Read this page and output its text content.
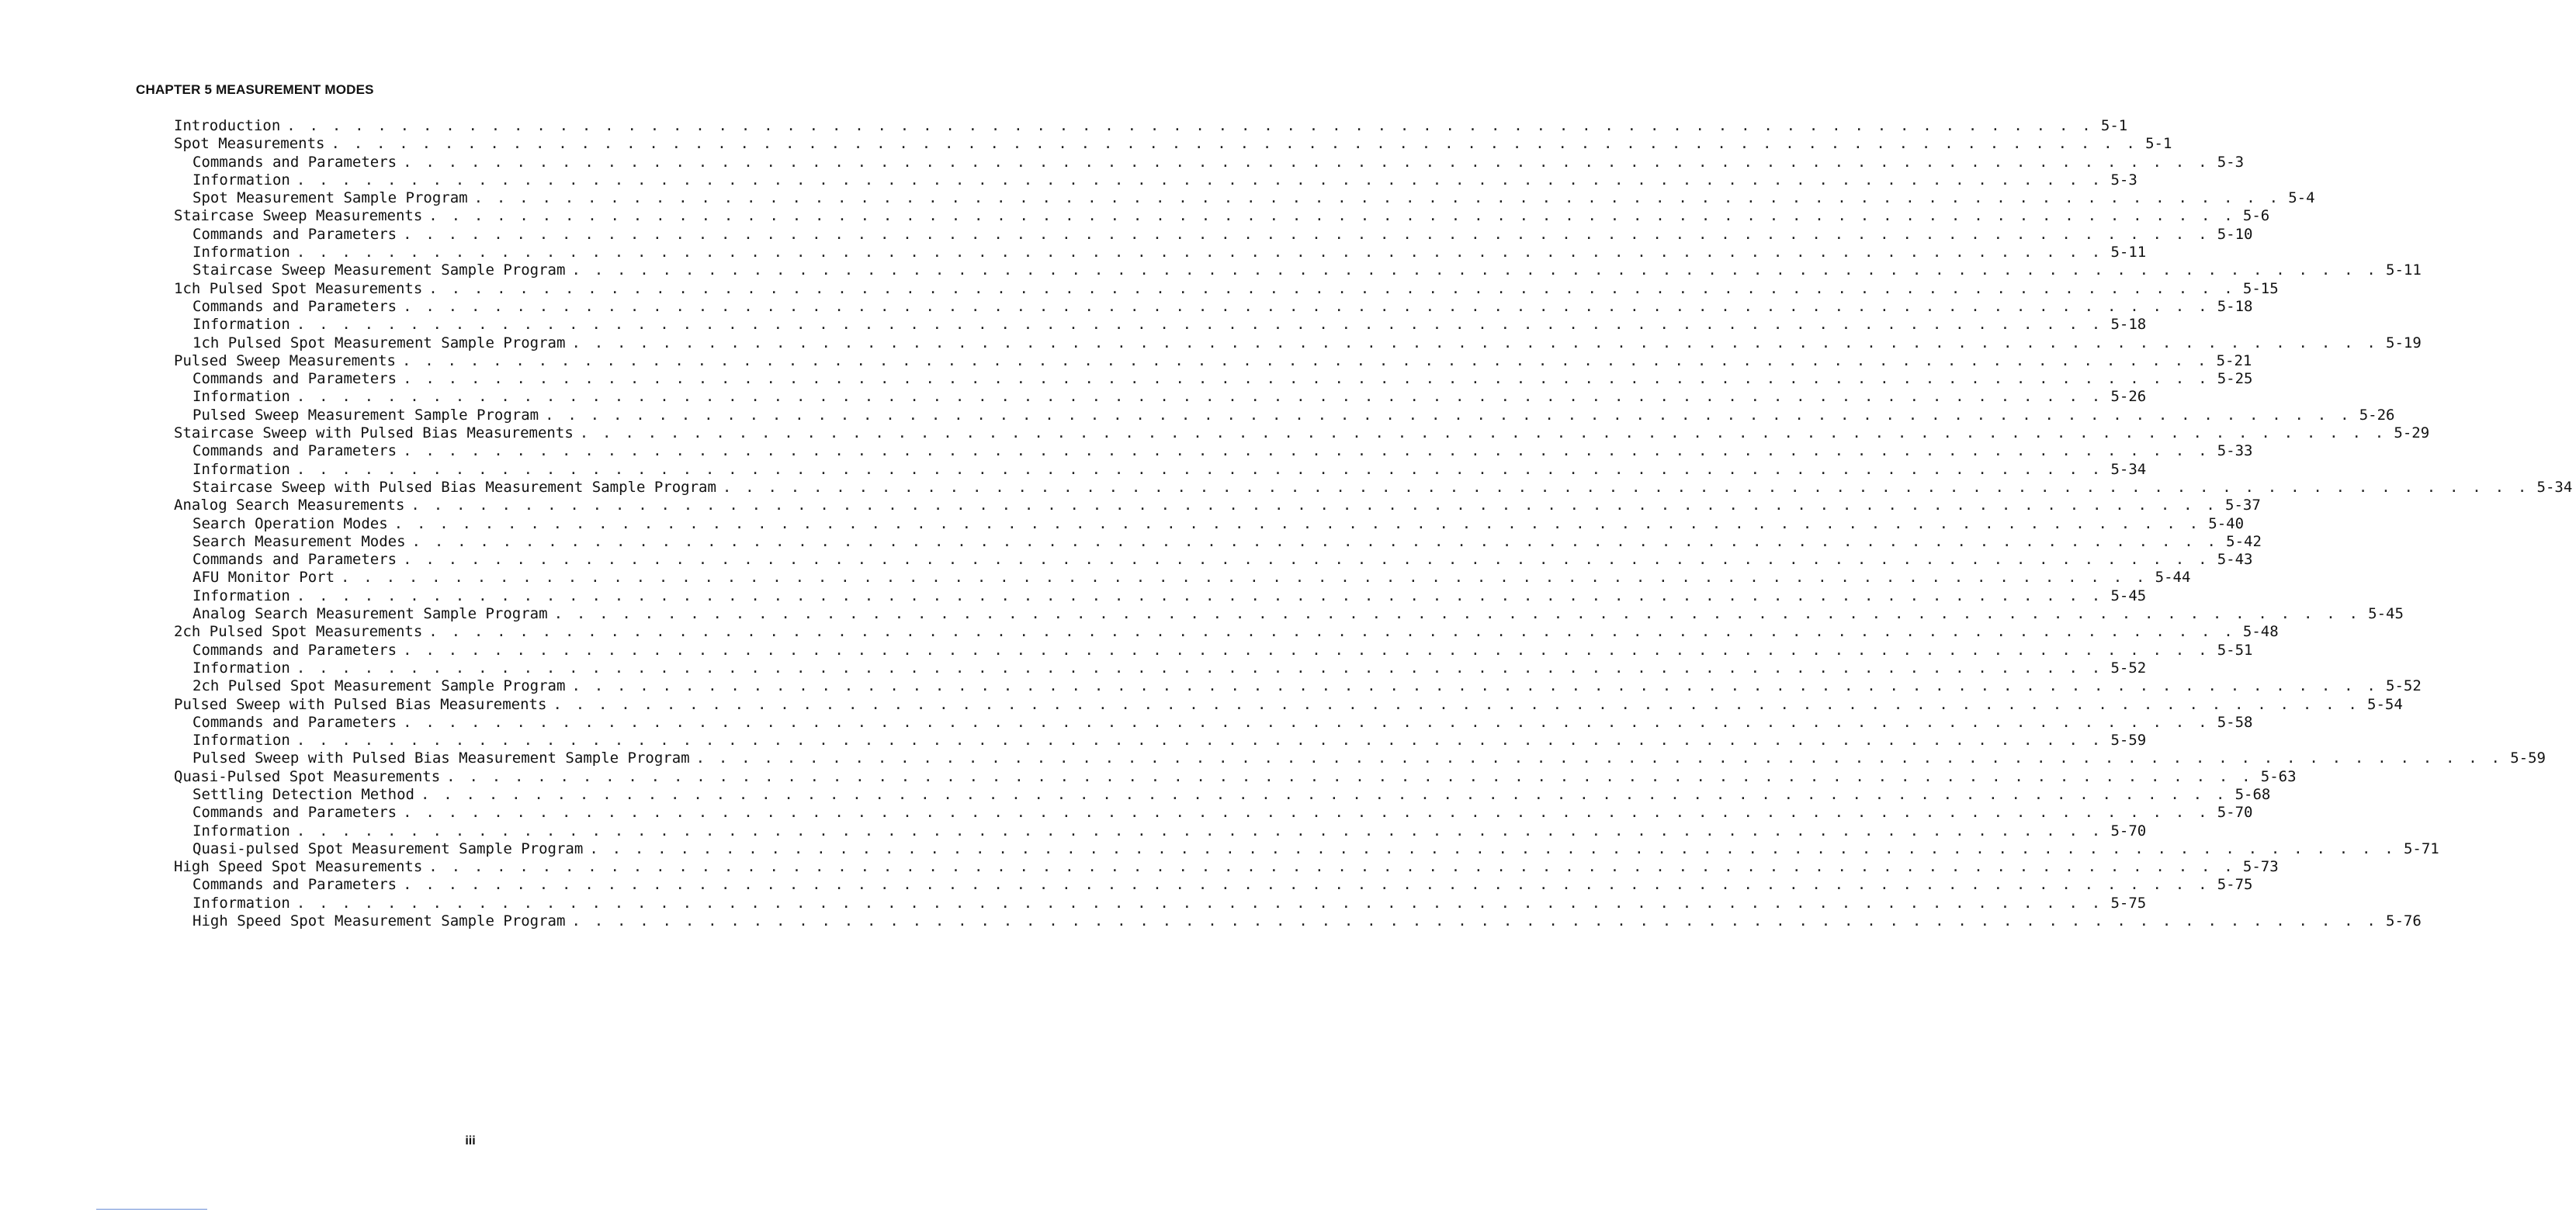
CHAPTER 5 MEASUREMENT MODES
Introduction . . . . . . . . . . . . . . . . . . . . . . . . . . . . . . . . . . . . . . . . . . . . . . . . . . . . . . . . . . . . . . . . . . . . . . . . . . . . . . . . 5-1
Spot Measurements . . . . . . . . . . . . . . . . . . . . . . . . . . . . . . . . . . . . . . . . . . . . . . . . . . . . . . . . . . . . . . . . . . . . . . . . . . . . . . . . 5-1
Commands and Parameters . . . . . . . . . . . . . . . . . . . . . . . . . . . . . . . . . . . . . . . . . . . . . . . . . . . . . . . . . . . . . . . . . . . . . . . . . . . . . . . . 5-3
Information . . . . . . . . . . . . . . . . . . . . . . . . . . . . . . . . . . . . . . . . . . . . . . . . . . . . . . . . . . . . . . . . . . . . . . . . . . . . . . . . 5-3
Spot Measurement Sample Program . . . . . . . . . . . . . . . . . . . . . . . . . . . . . . . . . . . . . . . . . . . . . . . . . . . . . . . . . . . . . . . . . . . . . . . . . . . . . . . . 5-4
Staircase Sweep Measurements . . . . . . . . . . . . . . . . . . . . . . . . . . . . . . . . . . . . . . . . . . . . . . . . . . . . . . . . . . . . . . . . . . . . . . . . . . . . . . . . 5-6
Commands and Parameters . . . . . . . . . . . . . . . . . . . . . . . . . . . . . . . . . . . . . . . . . . . . . . . . . . . . . . . . . . . . . . . . . . . . . . . . . . . . . . . . 5-10
Information . . . . . . . . . . . . . . . . . . . . . . . . . . . . . . . . . . . . . . . . . . . . . . . . . . . . . . . . . . . . . . . . . . . . . . . . . . . . . . . . 5-11
Staircase Sweep Measurement Sample Program . . . . . . . . . . . . . . . . . . . . . . . . . . . . . . . . . . . . . . . . . . . . . . . . . . . . . . . . . . . . . . . . . . . . . . . . . . . . . . . . 5-11
1ch Pulsed Spot Measurements . . . . . . . . . . . . . . . . . . . . . . . . . . . . . . . . . . . . . . . . . . . . . . . . . . . . . . . . . . . . . . . . . . . . . . . . . . . . . . . . 5-15
Commands and Parameters . . . . . . . . . . . . . . . . . . . . . . . . . . . . . . . . . . . . . . . . . . . . . . . . . . . . . . . . . . . . . . . . . . . . . . . . . . . . . . . . 5-18
Information . . . . . . . . . . . . . . . . . . . . . . . . . . . . . . . . . . . . . . . . . . . . . . . . . . . . . . . . . . . . . . . . . . . . . . . . . . . . . . . . 5-18
1ch Pulsed Spot Measurement Sample Program . . . . . . . . . . . . . . . . . . . . . . . . . . . . . . . . . . . . . . . . . . . . . . . . . . . . . . . . . . . . . . . . . . . . . . . . . . . . . . . . 5-19
Pulsed Sweep Measurements . . . . . . . . . . . . . . . . . . . . . . . . . . . . . . . . . . . . . . . . . . . . . . . . . . . . . . . . . . . . . . . . . . . . . . . . . . . . . . . . 5-21
Commands and Parameters . . . . . . . . . . . . . . . . . . . . . . . . . . . . . . . . . . . . . . . . . . . . . . . . . . . . . . . . . . . . . . . . . . . . . . . . . . . . . . . . 5-25
Information . . . . . . . . . . . . . . . . . . . . . . . . . . . . . . . . . . . . . . . . . . . . . . . . . . . . . . . . . . . . . . . . . . . . . . . . . . . . . . . . 5-26
Pulsed Sweep Measurement Sample Program . . . . . . . . . . . . . . . . . . . . . . . . . . . . . . . . . . . . . . . . . . . . . . . . . . . . . . . . . . . . . . . . . . . . . . . . . . . . . . . . 5-26
Staircase Sweep with Pulsed Bias Measurements . . . . . . . . . . . . . . . . . . . . . . . . . . . . . . . . . . . . . . . . . . . . . . . . . . . . . . . . . . . . . . . . . . . . . . . . . . . . . . . . 5-29
Commands and Parameters . . . . . . . . . . . . . . . . . . . . . . . . . . . . . . . . . . . . . . . . . . . . . . . . . . . . . . . . . . . . . . . . . . . . . . . . . . . . . . . . 5-33
Information . . . . . . . . . . . . . . . . . . . . . . . . . . . . . . . . . . . . . . . . . . . . . . . . . . . . . . . . . . . . . . . . . . . . . . . . . . . . . . . . 5-34
Staircase Sweep with Pulsed Bias Measurement Sample Program . . . . . . . . . . . . . . . . . . . . . . . . . . . . . . . . . . . . . . . . . . . . . . . . . . . . . . . . . . . . . . . . . . . . . . . . . . . . . . . . 5-34
Analog Search Measurements . . . . . . . . . . . . . . . . . . . . . . . . . . . . . . . . . . . . . . . . . . . . . . . . . . . . . . . . . . . . . . . . . . . . . . . . . . . . . . . . 5-37
Search Operation Modes . . . . . . . . . . . . . . . . . . . . . . . . . . . . . . . . . . . . . . . . . . . . . . . . . . . . . . . . . . . . . . . . . . . . . . . . . . . . . . . . 5-40
Search Measurement Modes . . . . . . . . . . . . . . . . . . . . . . . . . . . . . . . . . . . . . . . . . . . . . . . . . . . . . . . . . . . . . . . . . . . . . . . . . . . . . . . . 5-42
Commands and Parameters . . . . . . . . . . . . . . . . . . . . . . . . . . . . . . . . . . . . . . . . . . . . . . . . . . . . . . . . . . . . . . . . . . . . . . . . . . . . . . . . 5-43
AFU Monitor Port . . . . . . . . . . . . . . . . . . . . . . . . . . . . . . . . . . . . . . . . . . . . . . . . . . . . . . . . . . . . . . . . . . . . . . . . . . . . . . . . 5-44
Information . . . . . . . . . . . . . . . . . . . . . . . . . . . . . . . . . . . . . . . . . . . . . . . . . . . . . . . . . . . . . . . . . . . . . . . . . . . . . . . . 5-45
Analog Search Measurement Sample Program . . . . . . . . . . . . . . . . . . . . . . . . . . . . . . . . . . . . . . . . . . . . . . . . . . . . . . . . . . . . . . . . . . . . . . . . . . . . . . . . 5-45
2ch Pulsed Spot Measurements . . . . . . . . . . . . . . . . . . . . . . . . . . . . . . . . . . . . . . . . . . . . . . . . . . . . . . . . . . . . . . . . . . . . . . . . . . . . . . . . 5-48
Commands and Parameters . . . . . . . . . . . . . . . . . . . . . . . . . . . . . . . . . . . . . . . . . . . . . . . . . . . . . . . . . . . . . . . . . . . . . . . . . . . . . . . . 5-51
Information . . . . . . . . . . . . . . . . . . . . . . . . . . . . . . . . . . . . . . . . . . . . . . . . . . . . . . . . . . . . . . . . . . . . . . . . . . . . . . . . 5-52
2ch Pulsed Spot Measurement Sample Program . . . . . . . . . . . . . . . . . . . . . . . . . . . . . . . . . . . . . . . . . . . . . . . . . . . . . . . . . . . . . . . . . . . . . . . . . . . . . . . . 5-52
Pulsed Sweep with Pulsed Bias Measurements . . . . . . . . . . . . . . . . . . . . . . . . . . . . . . . . . . . . . . . . . . . . . . . . . . . . . . . . . . . . . . . . . . . . . . . . . . . . . . . . 5-54
Commands and Parameters . . . . . . . . . . . . . . . . . . . . . . . . . . . . . . . . . . . . . . . . . . . . . . . . . . . . . . . . . . . . . . . . . . . . . . . . . . . . . . . . 5-58
Information . . . . . . . . . . . . . . . . . . . . . . . . . . . . . . . . . . . . . . . . . . . . . . . . . . . . . . . . . . . . . . . . . . . . . . . . . . . . . . . . 5-59
Pulsed Sweep with Pulsed Bias Measurement Sample Program . . . . . . . . . . . . . . . . . . . . . . . . . . . . . . . . . . . . . . . . . . . . . . . . . . . . . . . . . . . . . . . . . . . . . . . . . . . . . . . . 5-59
Quasi-Pulsed Spot Measurements . . . . . . . . . . . . . . . . . . . . . . . . . . . . . . . . . . . . . . . . . . . . . . . . . . . . . . . . . . . . . . . . . . . . . . . . . . . . . . . . 5-63
Settling Detection Method . . . . . . . . . . . . . . . . . . . . . . . . . . . . . . . . . . . . . . . . . . . . . . . . . . . . . . . . . . . . . . . . . . . . . . . . . . . . . . . . 5-68
Commands and Parameters . . . . . . . . . . . . . . . . . . . . . . . . . . . . . . . . . . . . . . . . . . . . . . . . . . . . . . . . . . . . . . . . . . . . . . . . . . . . . . . . 5-70
Information . . . . . . . . . . . . . . . . . . . . . . . . . . . . . . . . . . . . . . . . . . . . . . . . . . . . . . . . . . . . . . . . . . . . . . . . . . . . . . . . 5-70
Quasi-pulsed Spot Measurement Sample Program . . . . . . . . . . . . . . . . . . . . . . . . . . . . . . . . . . . . . . . . . . . . . . . . . . . . . . . . . . . . . . . . . . . . . . . . . . . . . . . . 5-71
High Speed Spot Measurements . . . . . . . . . . . . . . . . . . . . . . . . . . . . . . . . . . . . . . . . . . . . . . . . . . . . . . . . . . . . . . . . . . . . . . . . . . . . . . . . 5-73
Commands and Parameters . . . . . . . . . . . . . . . . . . . . . . . . . . . . . . . . . . . . . . . . . . . . . . . . . . . . . . . . . . . . . . . . . . . . . . . . . . . . . . . . 5-75
Information . . . . . . . . . . . . . . . . . . . . . . . . . . . . . . . . . . . . . . . . . . . . . . . . . . . . . . . . . . . . . . . . . . . . . . . . . . . . . . . . 5-75
High Speed Spot Measurement Sample Program . . . . . . . . . . . . . . . . . . . . . . . . . . . . . . . . . . . . . . . . . . . . . . . . . . . . . . . . . . . . . . . . . . . . . . . . . . . . . . . . 5-76
iii
